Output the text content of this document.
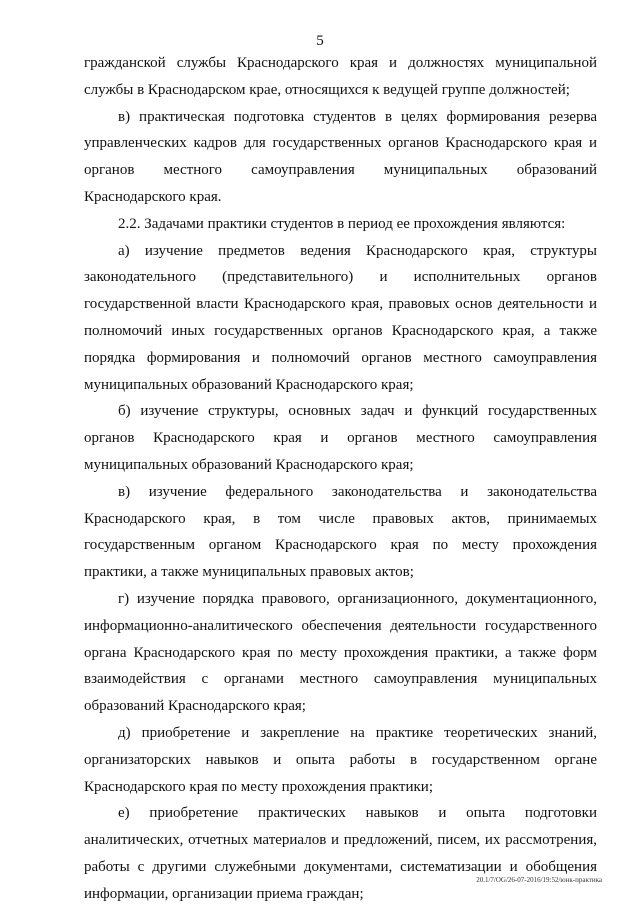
5

гражданской службы Краснодарского края и должностях муниципальной службы в Краснодарском крае, относящихся к ведущей группе должностей;

в) практическая подготовка студентов в целях формирования резерва управленческих кадров для государственных органов Краснодарского края и органов местного самоуправления муниципальных образований Краснодарского края.

2.2. Задачами практики студентов в период ее прохождения являются:

а) изучение предметов ведения Краснодарского края, структуры законодательного (представительного) и исполнительных органов государственной власти Краснодарского края, правовых основ деятельности и полномочий иных государственных органов Краснодарского края, а также порядка формирования и полномочий органов местного самоуправления муниципальных образований Краснодарского края;

б) изучение структуры, основных задач и функций государственных органов Краснодарского края и органов местного самоуправления муниципальных образований Краснодарского края;

в) изучение федерального законодательства и законодательства Краснодарского края, в том числе правовых актов, принимаемых государственным органом Краснодарского края по месту прохождения практики, а также муниципальных правовых актов;

г) изучение порядка правового, организационного, документационного, информационно-аналитического обеспечения деятельности государственного органа Краснодарского края по месту прохождения практики, а также форм взаимодействия с органами местного самоуправления муниципальных образований Краснодарского края;

д) приобретение и закрепление на практике теоретических знаний, организаторских навыков и опыта работы в государственном органе Краснодарского края по месту прохождения практики;

е) приобретение практических навыков и опыта подготовки аналитических, отчетных материалов и предложений, писем, их рассмотрения, работы с другими служебными документами, систематизации и обобщения информации, организации приема граждан;

20.1/7/OG/26-07-2016/19:52/юнк-практика
